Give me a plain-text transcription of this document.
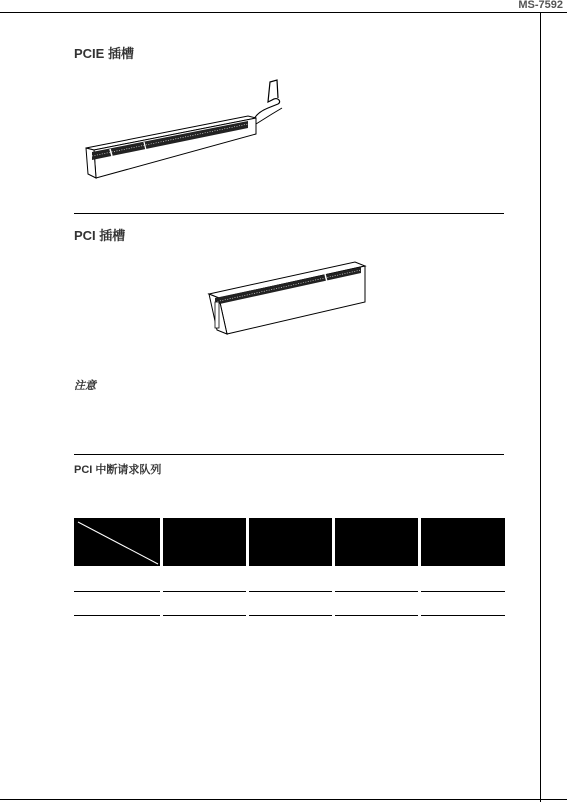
MS-7592
PCIE 插槽
PCI 插槽
注意
PCI 中断请求队列
